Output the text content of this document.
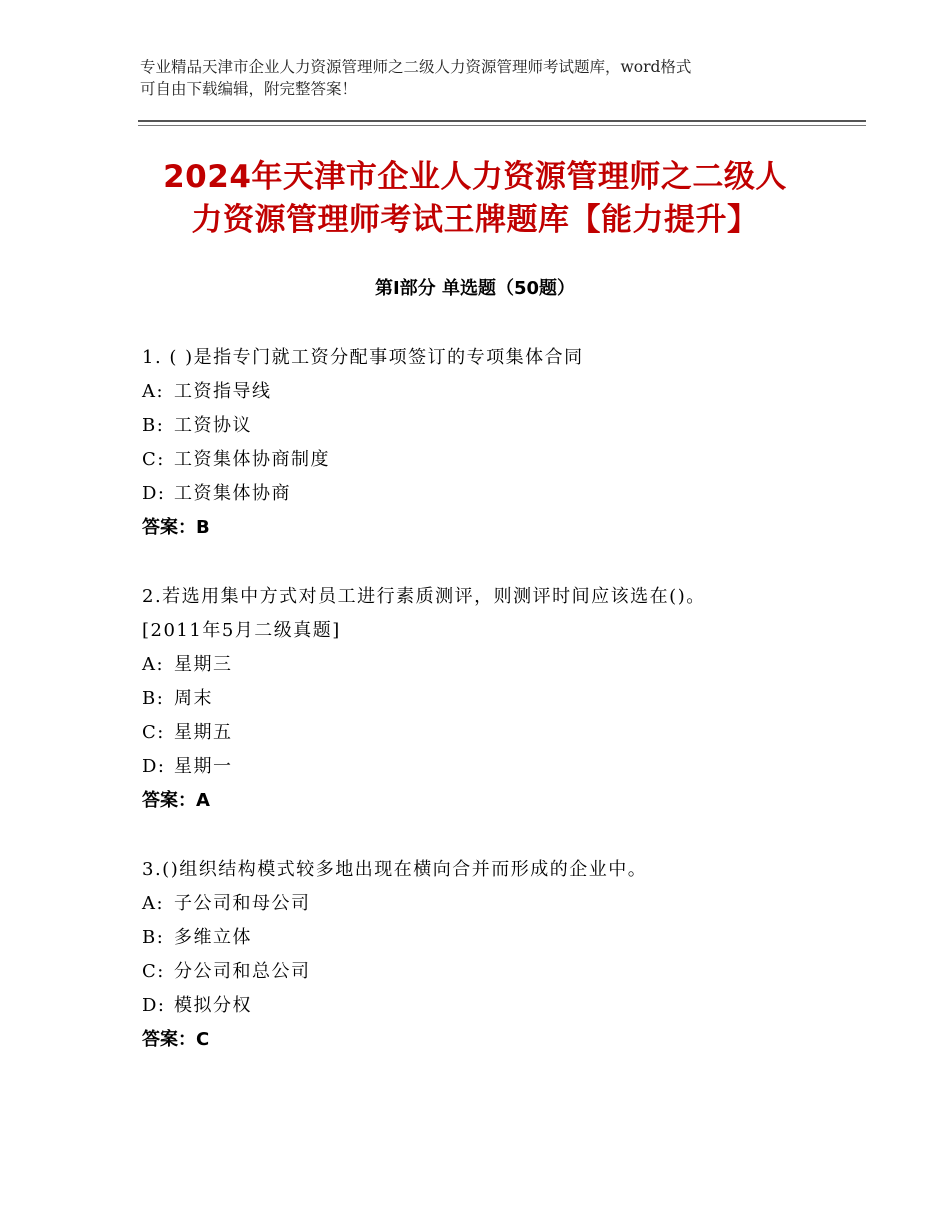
专业精品天津市企业人力资源管理师之二级人力资源管理师考试题库，word格式
可自由下载编辑，附完整答案！
2024年天津市企业人力资源管理师之二级人
力资源管理师考试王牌题库【能力提升】
第Ⅰ部分 单选题（50题）
1. ( )是指专门就工资分配事项签订的专项集体合同
A: 工资指导线
B: 工资协议
C: 工资集体协商制度
D: 工资集体协商
答案：B
2.若选用集中方式对员工进行素质测评，则测评时间应该选在()。
[2011年5月二级真题]
A: 星期三
B: 周末
C: 星期五
D: 星期一
答案：A
3.()组织结构模式较多地出现在横向合并而形成的企业中。
A: 子公司和母公司
B: 多维立体
C: 分公司和总公司
D: 模拟分权
答案：C
